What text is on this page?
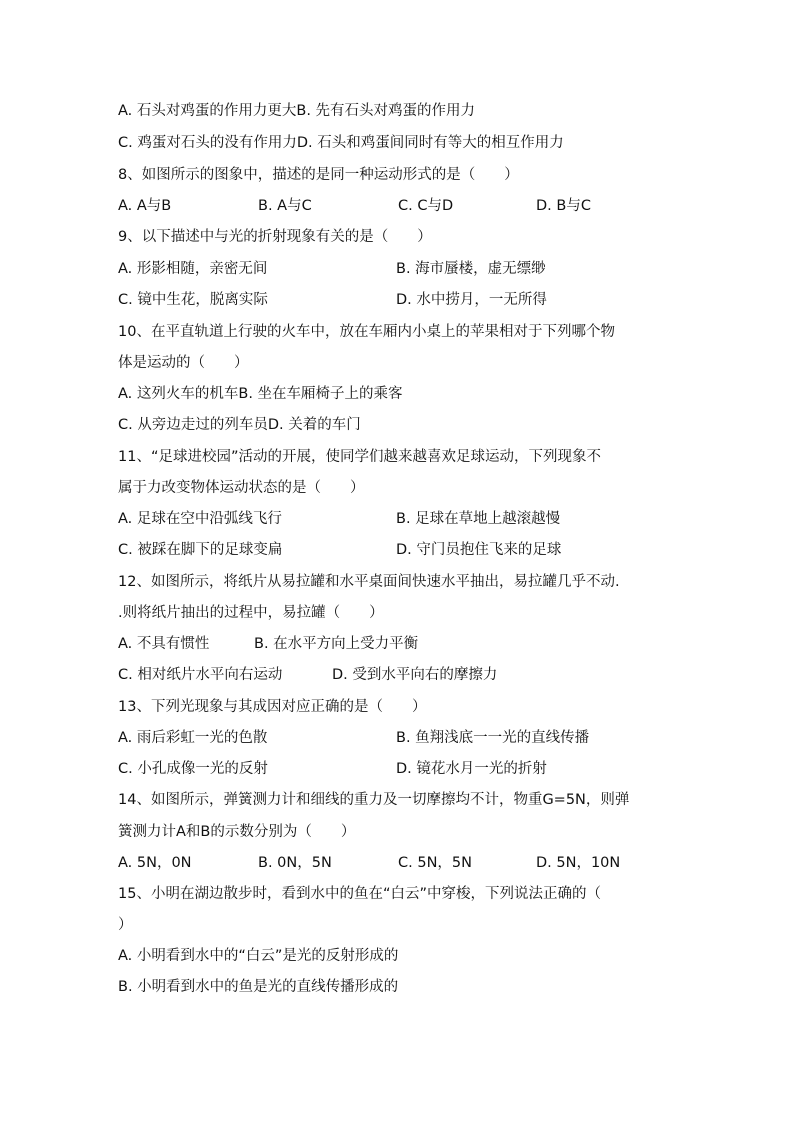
A. 石头对鸡蛋的作用力更大B. 先有石头对鸡蛋的作用力
C. 鸡蛋对石头的没有作用力D. 石头和鸡蛋间同时有等大的相互作用力
8、如图所示的图象中，描述的是同一种运动形式的是（　　）
A. A与B	B. A与C	C. C与D	D. B与C
9、以下描述中与光的折射现象有关的是（　　）
A. 形影相随，亲密无间	B. 海市蜃楼，虚无缥缈
C. 镜中生花，脱离实际	D. 水中捞月，一无所得
10、在平直轨道上行驶的火车中，放在车厢内小桌上的苹果相对于下列哪个物
体是运动的（　　）
A. 这列火车的机车B. 坐在车厢椅子上的乘客
C. 从旁边走过的列车员D. 关着的车门
11、“足球进校园”活动的开展，使同学们越来越喜欢足球运动，下列现象不
属于力改变物体运动状态的是（　　）
A. 足球在空中沿弧线飞行	B. 足球在草地上越滚越慢
C. 被踩在脚下的足球变扁	D. 守门员抱住飞来的足球
12、如图所示，将纸片从易拉罐和水平桌面间快速水平抽出，易拉罐几乎不动.
.则将纸片抽出的过程中，易拉罐（　　）
A. 不具有惯性	B. 在水平方向上受力平衡
C. 相对纸片水平向右运动	D. 受到水平向右的摩擦力
13、下列光现象与其成因对应正确的是（　　）
A. 雨后彩虹一光的色散	B. 鱼翔浅底一一光的直线传播
C. 小孔成像一光的反射	D. 镜花水月一光的折射
14、如图所示，弹簧测力计和细线的重力及一切摩擦均不计，物重G=5N，则弹
簧测力计A和B的示数分别为（　　）
A. 5N，0N	B. 0N，5N	C. 5N，5N	D. 5N，10N
15、小明在湖边散步时，看到水中的鱼在“白云”中穿梭，下列说法正确的（
）
A. 小明看到水中的“白云”是光的反射形成的
B. 小明看到水中的鱼是光的直线传播形成的
